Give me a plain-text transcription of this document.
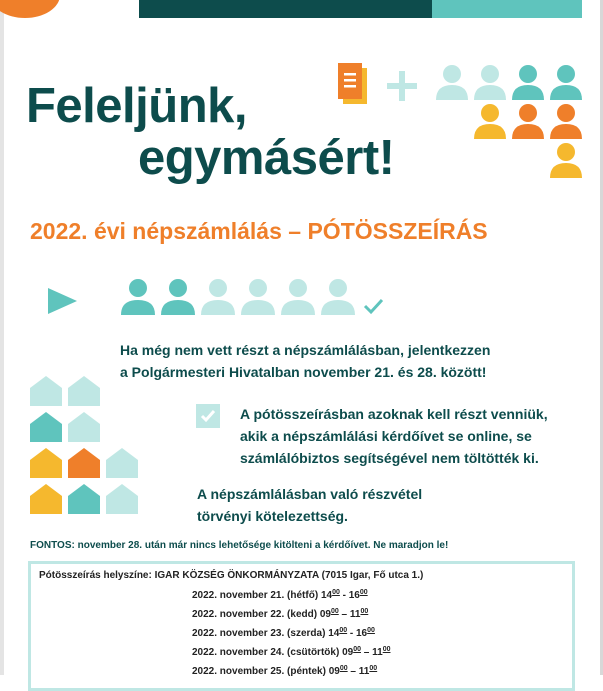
Feleljünk,
egymásért!
2022. évi népszámlálás – PÓTÖSSZEÍRÁS

Ha még nem vett részt a népszámlálásban, jelentkezzen
a Polgármesteri Hivatalban november 21. és 28. között!

A pótösszeírásban azoknak kell részt venniük,
akik a népszámlálási kérdőívet se online, se
számlálóbiztos segítségével nem töltötték ki.

A népszámlálásban való részvétel
törvényi kötelezettség.

FONTOS: november 28. után már nincs lehetősége kitölteni a kérdőívet. Ne maradjon le!

Pótösszeírás helyszíne: IGAR KÖZSÉG ÖNKORMÁNYZATA (7015 Igar, Fő utca 1.)
2022. november 21. (hétfő) $14^{00} - 16^{00}$
2022. november 22. (kedd) $09^{00} - 11^{00}$
2022. november 23. (szerda) $14^{00} - 16^{00}$
2022. november 24. (csütörtök) $09^{00} - 11^{00}$
2022. november 25. (péntek) $09^{00} - 11^{00}$
